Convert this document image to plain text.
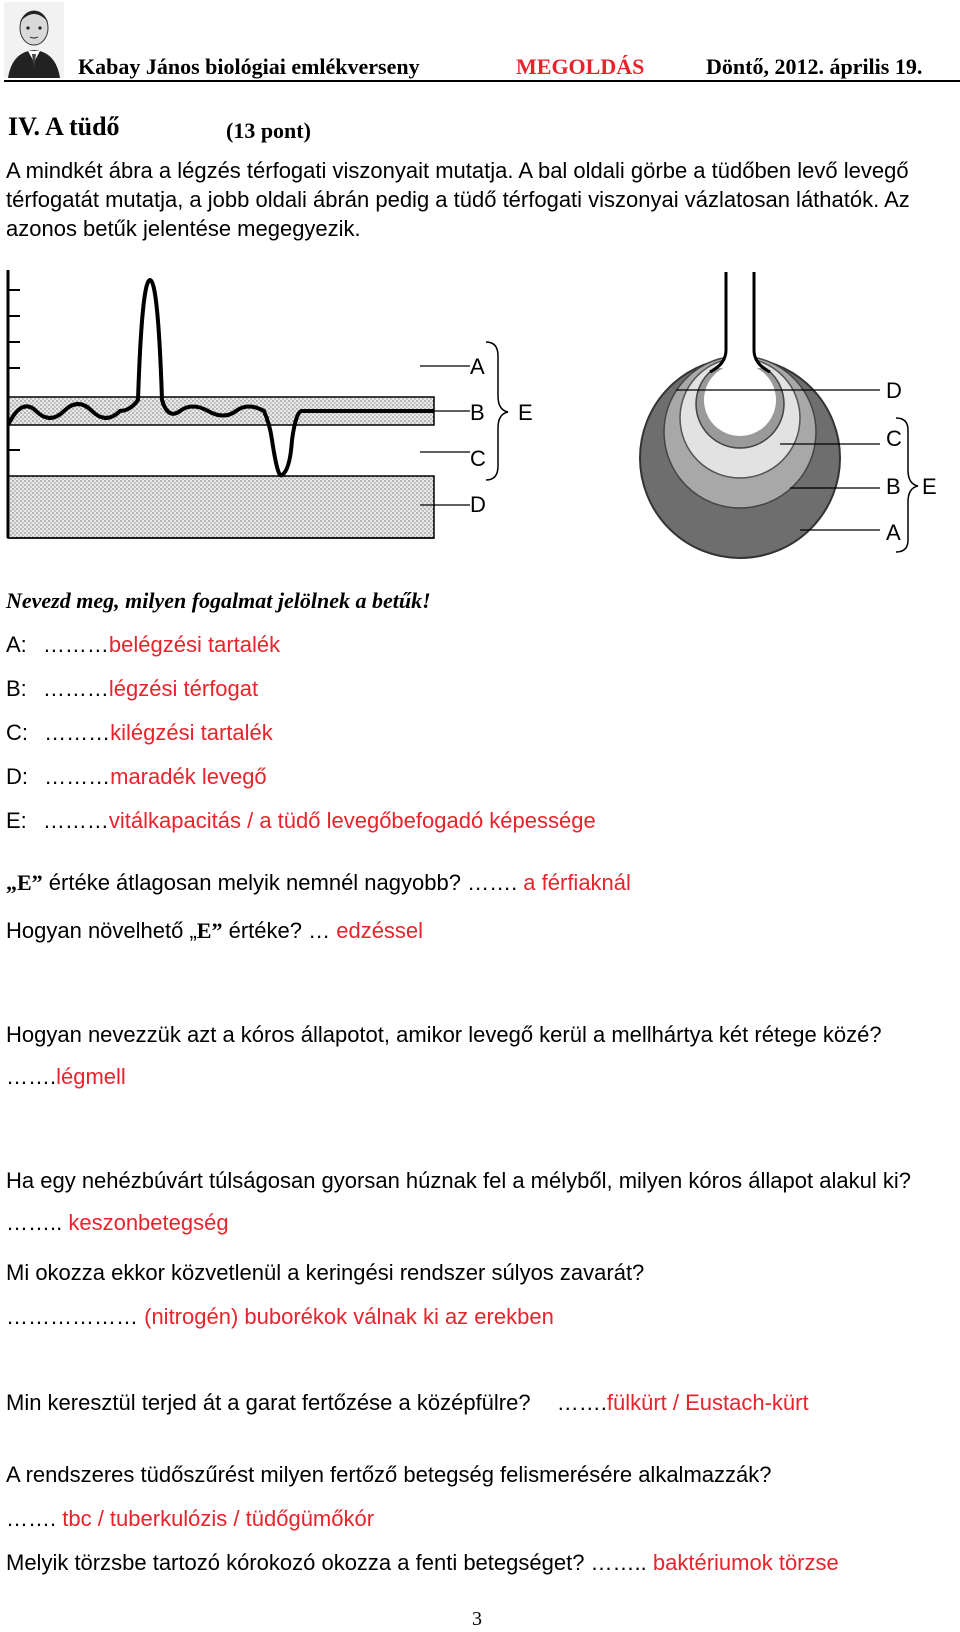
Kabay János biológiai emlékverseny	MEGOLDÁS	Döntő, 2012. április 19.
IV. A tüdő	(13 pont)
A mindkét ábra a légzés térfogati viszonyait mutatja. A bal oldali görbe a tüdőben levő levegő térfogatát mutatja, a jobb oldali ábrán pedig a tüdő térfogati viszonyai vázlatosan láthatók. Az azonos betűk jelentése megegyezik.
A
B
C
D
E
D
C
B
A
E
Nevezd meg, milyen fogalmat jelölnek a betűk!
A: ………belégzési tartalék
B: ………légzési térfogat
C: ………kilégzési tartalék
D: ………maradék levegő
E: ………vitálkapacitás / a tüdő levegőbefogadó képessége
„E” értéke átlagosan melyik nemnél nagyobb? ……. a férfiaknál
Hogyan növelhető „E” értéke? … edzéssel
Hogyan nevezzük azt a kóros állapotot, amikor levegő kerül a mellhártya két rétege közé?
…….légmell
Ha egy nehézbúvárt túlságosan gyorsan húznak fel a mélyből, milyen kóros állapot alakul ki?
…….. keszonbetegség
Mi okozza ekkor közvetlenül a keringési rendszer súlyos zavarát?
……………… (nitrogén) buborékok válnak ki az erekben
Min keresztül terjed át a garat fertőzése a középfülre? …….fülkürt / Eustach-kürt
A rendszeres tüdőszűrést milyen fertőző betegség felismerésére alkalmazzák?
……. tbc / tuberkulózis / tüdőgümőkór
Melyik törzsbe tartozó kórokozó okozza a fenti betegséget? …….. baktériumok törzse
3
